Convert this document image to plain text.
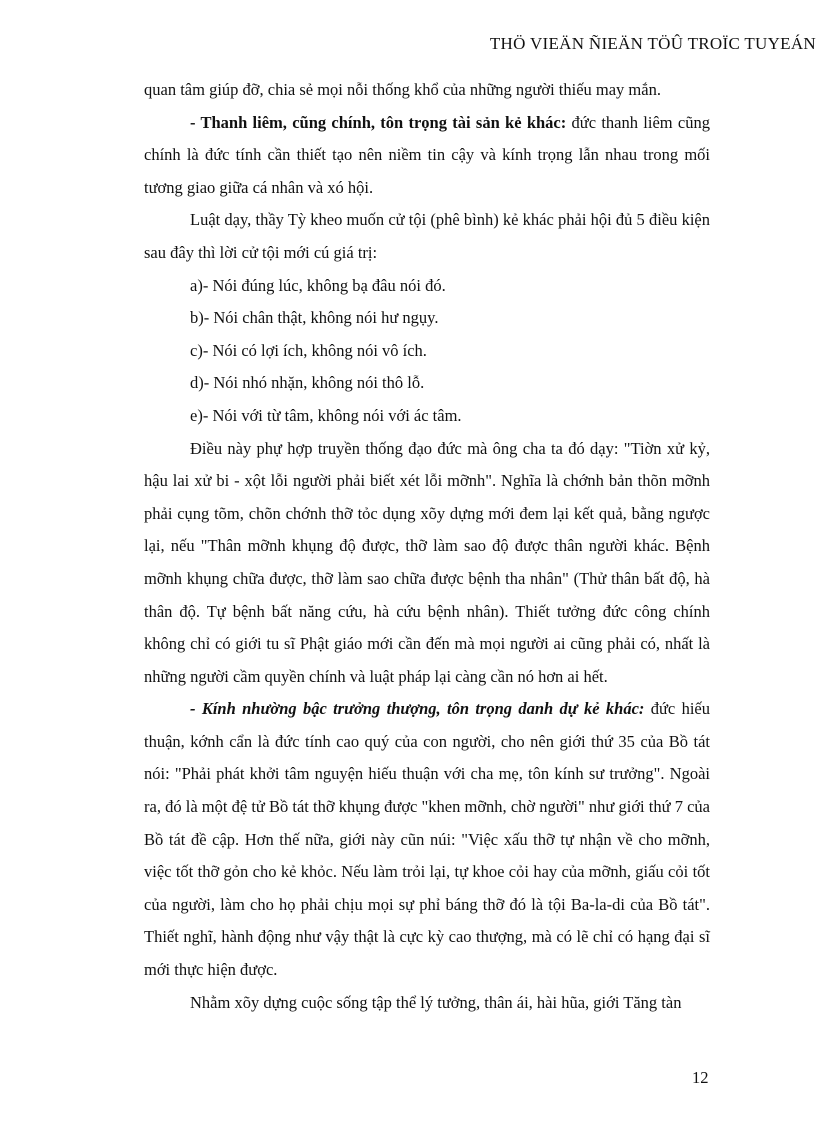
THÖ VIEÄN ÑIEÄN TÖÛ TROÏC TUYEÁN

quan tâm giúp đỡ, chia sẻ mọi nỗi thống khổ của những người thiếu may mắn.

- Thanh liêm, cũng chính, tôn trọng tài sản kẻ khác: đức thanh liêm cũng chính là đức tính cần thiết tạo nên niềm tin cậy và kính trọng lẫn nhau trong mối tương giao giữa cá nhân và xó hội.

Luật dạy, thầy Tỳ kheo muốn cử tội (phê bình) kẻ khác phải hội đủ 5 điều kiện sau đây thì lời cử tội mới cú giá trị:

a)- Nói đúng lúc, không bạ đâu nói đó.

b)- Nói chân thật, không nói hư ngụy.

c)- Nói có lợi ích, không nói vô ích.

d)- Nói nhó nhặn, không nói thô lỗ.

e)- Nói với từ tâm, không nói với ác tâm.

Điều này phự hợp truyền thống đạo đức mà ông cha ta đó dạy: "Tiờn xử kỷ, hậu lai xử bi - xột lỗi người phải biết xét lỗi mỡnh". Nghĩa là chớnh bản thõn mỡnh phải cụng tõm, chõn chớnh thỡ tỏc dụng xõy dựng mới đem lại kết quả, bằng ngược lại, nếu "Thân mỡnh khụng độ được, thỡ làm sao độ được thân người khác. Bệnh mỡnh khụng chữa được, thỡ làm sao chữa được bệnh tha nhân" (Thử thân bất độ, hà thân độ. Tự bệnh bất năng cứu, hà cứu bệnh nhân). Thiết tưởng đức công chính không chỉ có giới tu sĩ Phật giáo mới cần đến mà mọi người ai cũng phải có, nhất là những người cầm quyền chính và luật pháp lại càng cần nó hơn ai hết.

- Kính nhường bậc trưởng thượng, tôn trọng danh dự kẻ khác: đức hiếu thuận, kớnh cẩn là đức tính cao quý của con người, cho nên giới thứ 35 của Bồ tát nói: "Phải phát khởi tâm nguyện hiếu thuận với cha mẹ, tôn kính sư trưởng". Ngoài ra, đó là một đệ tử Bồ tát thỡ khụng được "khen mỡnh, chờ người" như giới thứ 7 của Bồ tát đề cập. Hơn thế nữa, giới này cũn núi: "Việc xấu thỡ tự nhận về cho mỡnh, việc tốt thỡ gỏn cho kẻ khỏc. Nếu làm trỏi lại, tự khoe cỏi hay của mỡnh, giấu cỏi tốt của người, làm cho họ phải chịu mọi sự phỉ báng thỡ đó là tội Ba-la-di của Bồ tát". Thiết nghĩ, hành động như vậy thật là cực kỳ cao thượng, mà có lẽ chỉ có hạng đại sĩ mới thực hiện được.

Nhằm xõy dựng cuộc sống tập thể lý tưởng, thân ái, hài hũa, giới Tăng tàn

12
